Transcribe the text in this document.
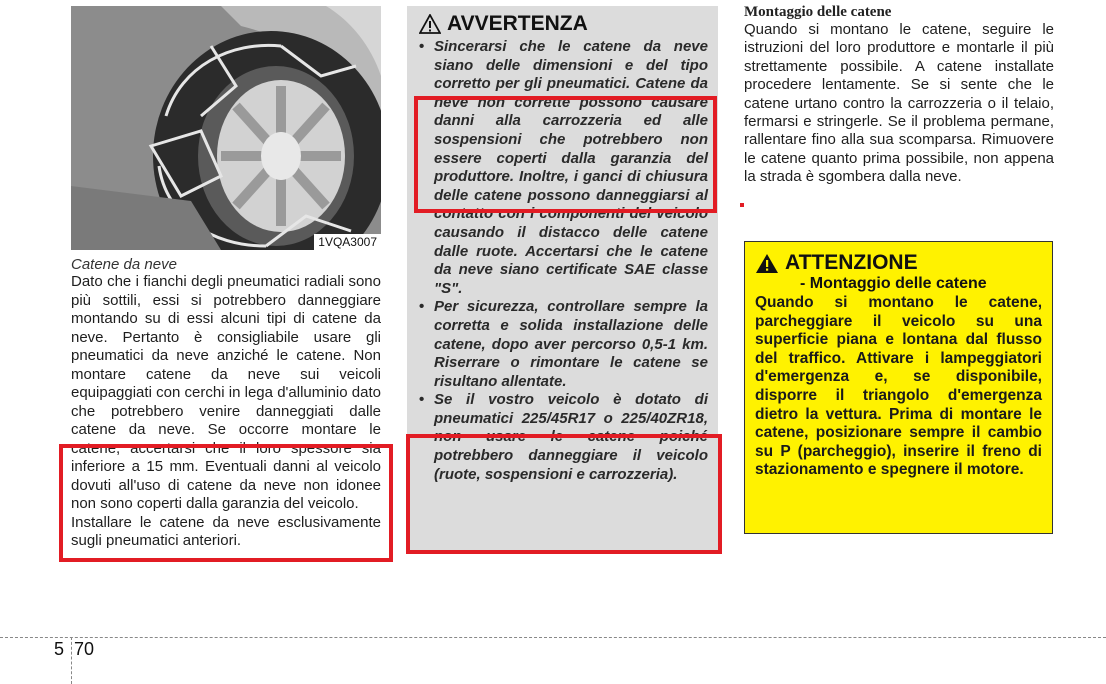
1VQA3007
Catene da neve
Dato che i fianchi degli pneumatici radiali sono più sottili, essi si potrebbero danneggiare montando su di essi alcuni tipi di catene da neve. Pertanto è consigliabile usare gli pneumatici da neve anziché le catene. Non montare catene da neve sui veicoli equipaggiati con cerchi in lega d'alluminio dato che potrebbero venire danneggiati dalle catene da neve. Se occorre montare le catene, accertarsi che il loro spessore sia inferiore a 15 mm. Eventuali danni al veicolo dovuti all'uso di catene da neve non idonee non sono coperti dalla garanzia del veicolo.
Installare le catene da neve esclusivamente sugli pneumatici anteriori.
AVVERTENZA
• Sincerarsi che le catene da neve siano delle dimensioni e del tipo corretto per gli pneumatici. Catene da neve non corrette possono causare danni alla carrozzeria ed alle sospensioni che potrebbero non essere coperti dalla garanzia del produttore. Inoltre, i ganci di chiusura delle catene possono danneggiarsi al contatto con i componenti del veicolo causando il distacco delle catene dalle ruote. Accertarsi che le catene da neve siano certificate SAE classe "S".
• Per sicurezza, controllare sempre la corretta e solida installazione delle catene, dopo aver percorso 0,5-1 km. Riserrare o rimontare le catene se risultano allentate.
• Se il vostro veicolo è dotato di pneumatici 225/45R17 o 225/40ZR18, non usare le catene poiché potrebbero danneggiare il veicolo (ruote, sospensioni e carrozzeria).
Montaggio delle catene
Quando si montano le catene, seguire le istruzioni del loro produttore e montarle il più strettamente possibile. A catene installate procedere lentamente. Se si sente che le catene urtano contro la carrozzeria o il telaio, fermarsi e stringerle. Se il problema permane, rallentare fino alla sua scomparsa. Rimuovere le catene quanto prima possibile, non appena la strada è sgombera dalla neve.
ATTENZIONE
- Montaggio delle catene
Quando si montano le catene, parcheggiare il veicolo su una superficie piana e lontana dal flusso del traffico. Attivare i lampeggiatori d'emergenza e, se disponibile, disporre il triangolo d'emergenza dietro la vettura. Prima di montare le catene, posizionare sempre il cambio su P (parcheggio), inserire il freno di stazionamento e spegnere il motore.
5 70
